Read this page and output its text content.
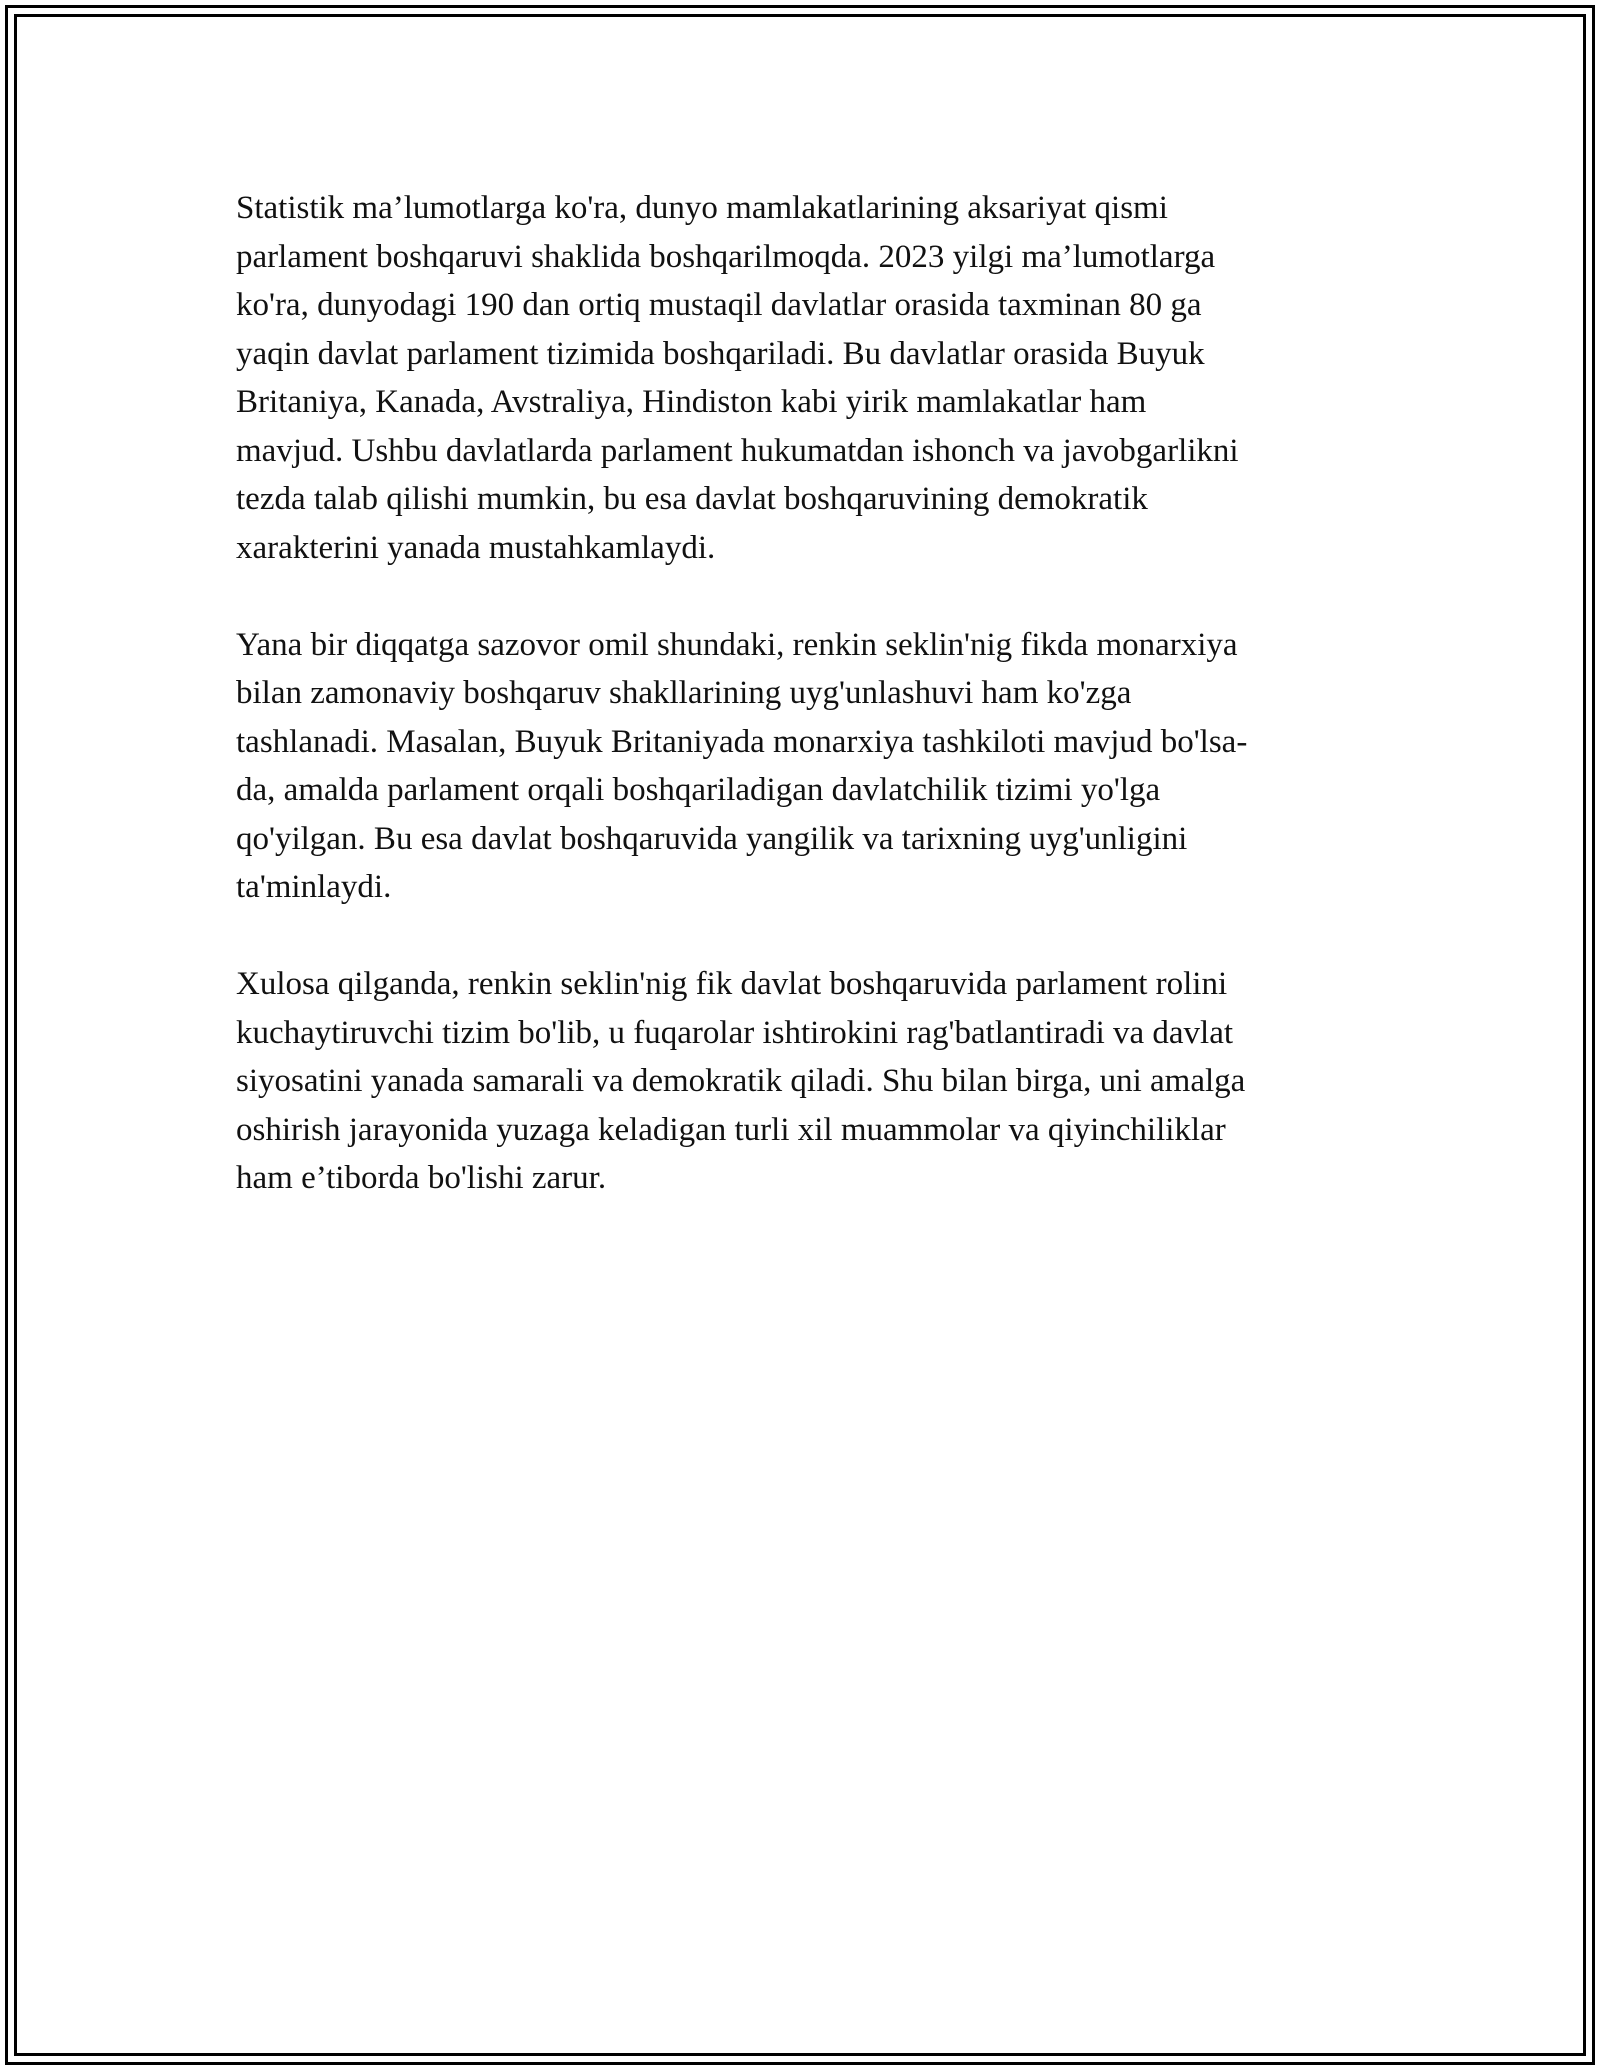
Statistik ma’lumotlarga ko'ra, dunyo mamlakatlarining aksariyat qismi
parlament boshqaruvi shaklida boshqarilmoqda. 2023 yilgi ma’lumotlarga
ko'ra, dunyodagi 190 dan ortiq mustaqil davlatlar orasida taxminan 80 ga
yaqin davlat parlament tizimida boshqariladi. Bu davlatlar orasida Buyuk
Britaniya, Kanada, Avstraliya, Hindiston kabi yirik mamlakatlar ham
mavjud. Ushbu davlatlarda parlament hukumatdan ishonch va javobgarlikni
tezda talab qilishi mumkin, bu esa davlat boshqaruvining demokratik
xarakterini yanada mustahkamlaydi.

Yana bir diqqatga sazovor omil shundaki, renkin seklin'nig fikda monarxiya
bilan zamonaviy boshqaruv shakllarining uyg'unlashuvi ham ko'zga
tashlanadi. Masalan, Buyuk Britaniyada monarxiya tashkiloti mavjud bo'lsa-
da, amalda parlament orqali boshqariladigan davlatchilik tizimi yo'lga
qo'yilgan. Bu esa davlat boshqaruvida yangilik va tarixning uyg'unligini
ta'minlaydi.

Xulosa qilganda, renkin seklin'nig fik davlat boshqaruvida parlament rolini
kuchaytiruvchi tizim bo'lib, u fuqarolar ishtirokini rag'batlantiradi va davlat
siyosatini yanada samarali va demokratik qiladi. Shu bilan birga, uni amalga
oshirish jarayonida yuzaga keladigan turli xil muammolar va qiyinchiliklar
ham e’tiborda bo'lishi zarur.
